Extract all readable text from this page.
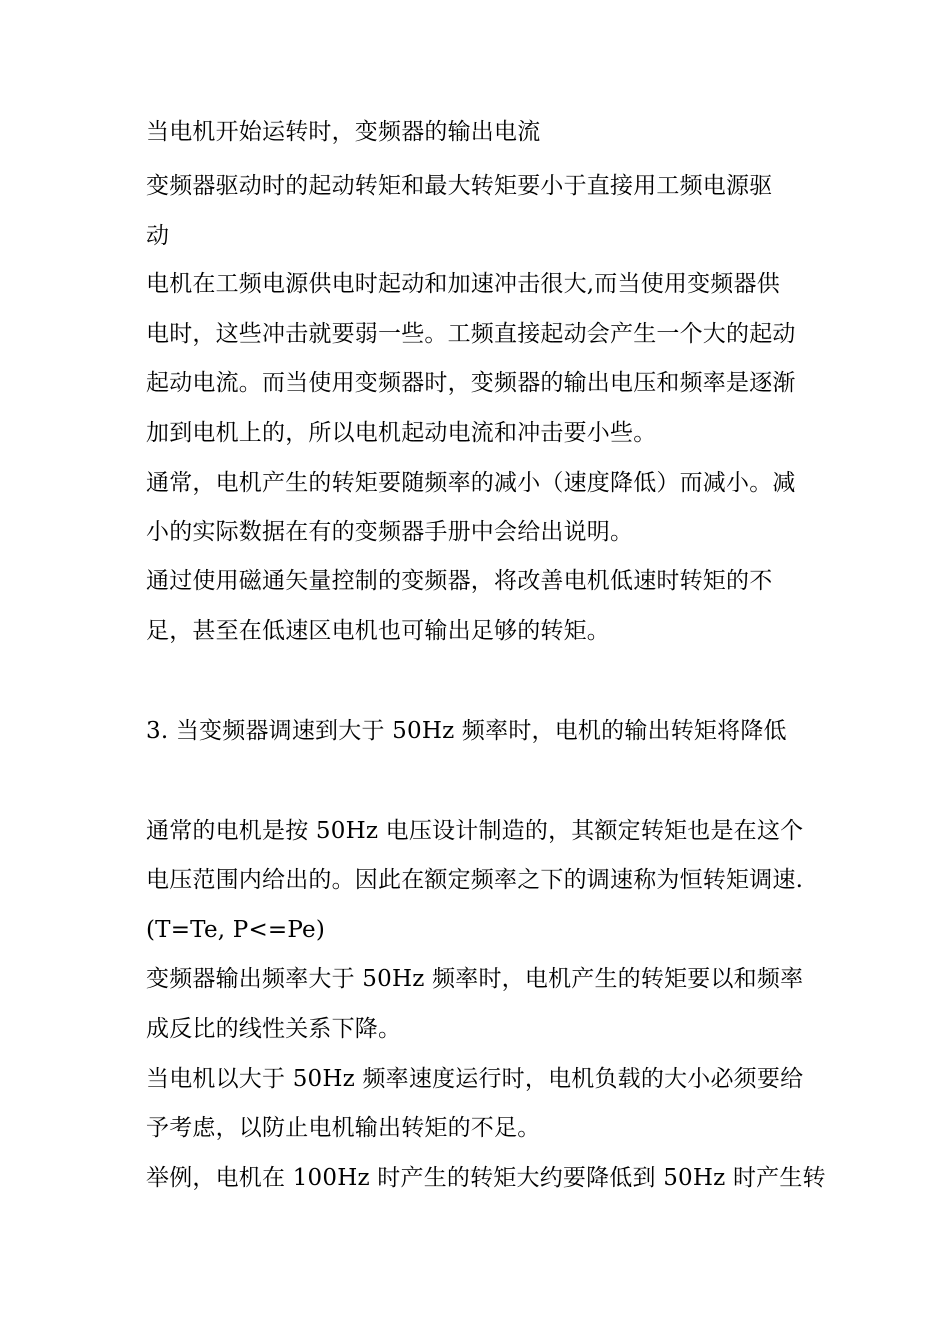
当电机开始运转时，变频器的输出电流
变频器驱动时的起动转矩和最大转矩要小于直接用工频电源驱
动
电机在工频电源供电时起动和加速冲击很大,而当使用变频器供
电时，这些冲击就要弱一些。工频直接起动会产生一个大的起动
起动电流。而当使用变频器时，变频器的输出电压和频率是逐渐
加到电机上的，所以电机起动电流和冲击要小些。
通常，电机产生的转矩要随频率的减小（速度降低）而减小。减
小的实际数据在有的变频器手册中会给出说明。
通过使用磁通矢量控制的变频器，将改善电机低速时转矩的不
足，甚至在低速区电机也可输出足够的转矩。
3. 当变频器调速到大于 50Hz 频率时，电机的输出转矩将降低
通常的电机是按 50Hz 电压设计制造的，其额定转矩也是在这个
电压范围内给出的。因此在额定频率之下的调速称为恒转矩调速.
(T=Te, P<=Pe)
变频器输出频率大于 50Hz 频率时，电机产生的转矩要以和频率
成反比的线性关系下降。
当电机以大于 50Hz 频率速度运行时，电机负载的大小必须要给
予考虑，以防止电机输出转矩的不足。
举例，电机在 100Hz 时产生的转矩大约要降低到 50Hz 时产生转
